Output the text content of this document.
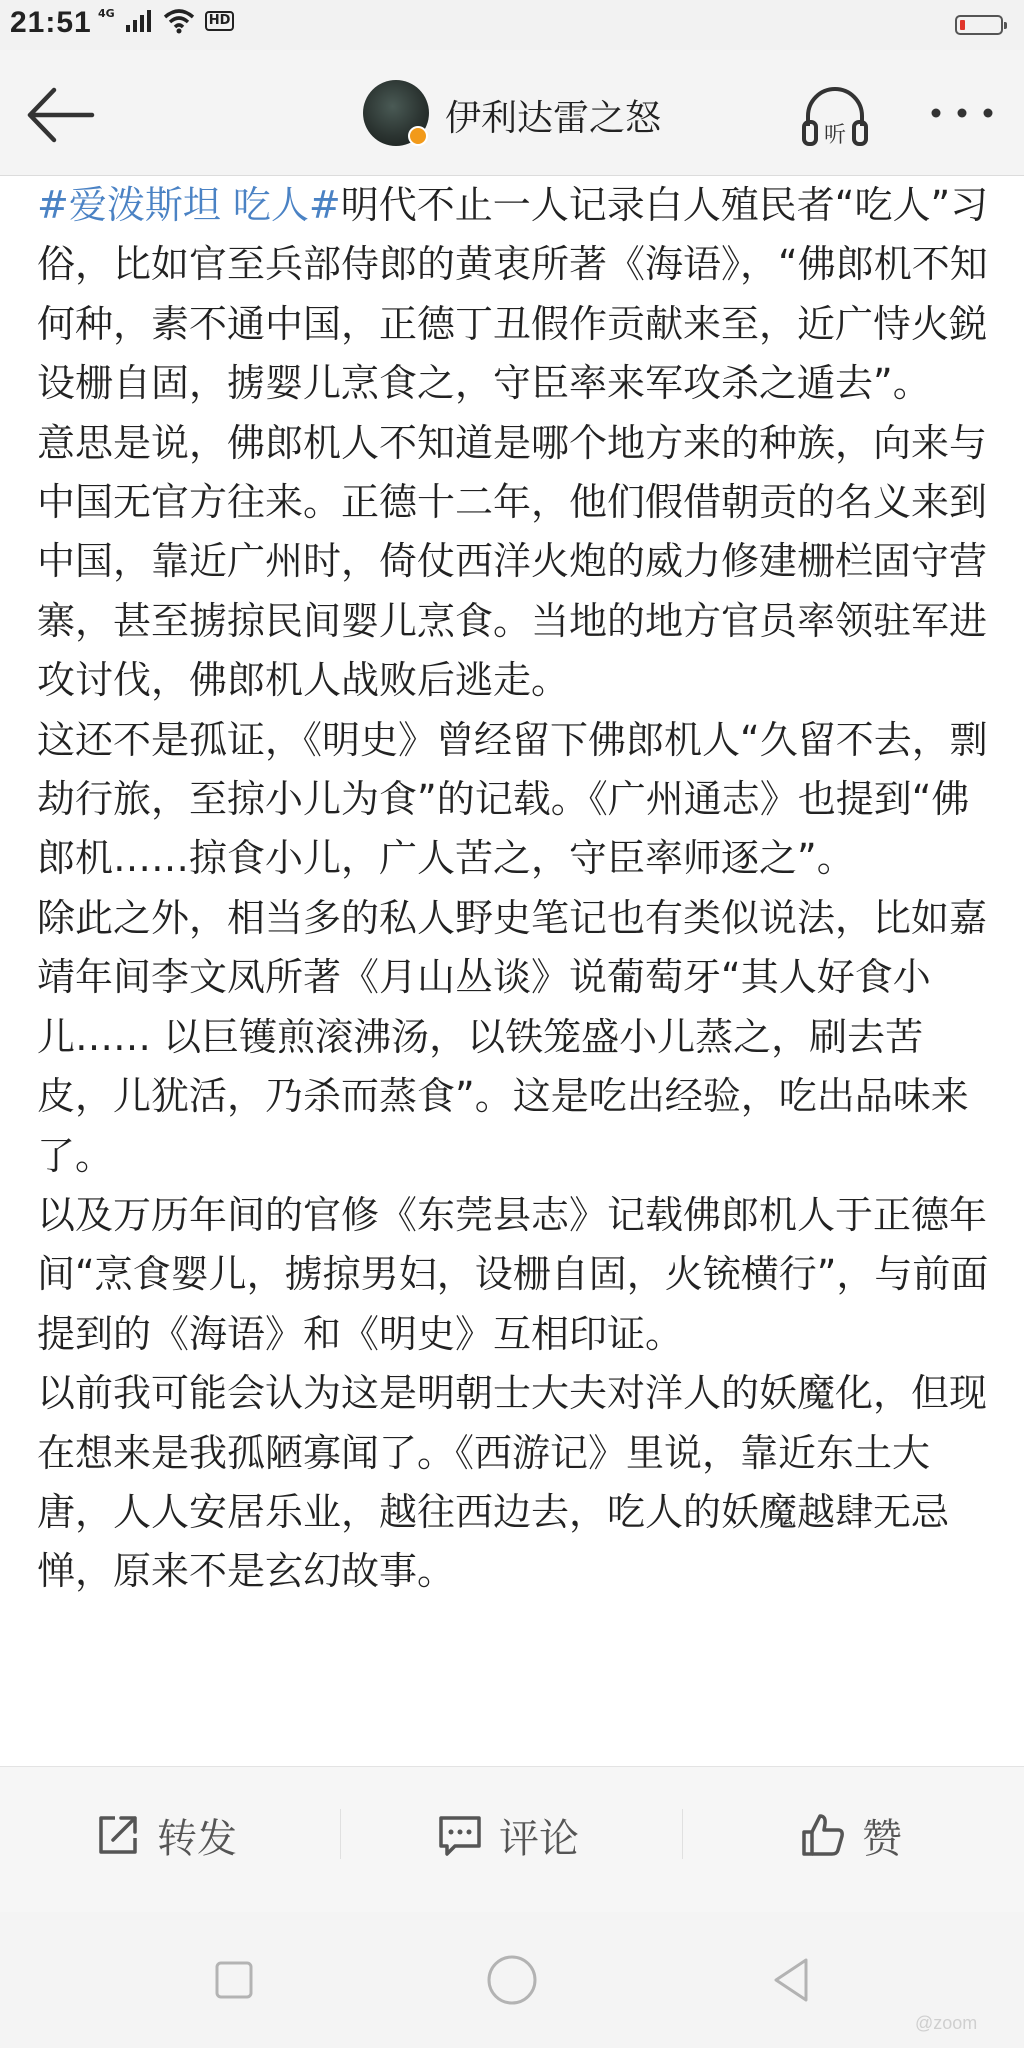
21:51 4G	HD
伊利达雷之怒	听

#爱泼斯坦 吃人#明代不止一人记录白人殖民者“吃人”习俗，比如官至兵部侍郎的黄衷所著《海语》，“佛郎机不知何种，素不通中国，正德丁丑假作贡献来至，近广恃火鋭设栅自固，掳婴儿烹食之，守臣率来军攻杀之遁去”。

意思是说，佛郎机人不知道是哪个地方来的种族，向来与中国无官方往来。正德十二年，他们假借朝贡的名义来到中国，靠近广州时，倚仗西洋火炮的威力修建栅栏固守营寨，甚至掳掠民间婴儿烹食。当地的地方官员率领驻军进攻讨伐，佛郎机人战败后逃走。

这还不是孤证，《明史》曾经留下佛郎机人“久留不去，剽劫行旅，至掠小儿为食”的记载。《广州通志》也提到“佛郎机……掠食小儿，广人苦之，守臣率师逐之”。

除此之外，相当多的私人野史笔记也有类似说法，比如嘉靖年间李文凤所著《月山丛谈》说葡萄牙“其人好食小儿…… 以巨镬煎滚沸汤，以铁笼盛小儿蒸之，刷去苦皮，儿犹活，乃杀而蒸食”。这是吃出经验，吃出品味来了。

以及万历年间的官修《东莞县志》记载佛郎机人于正德年间“烹食婴儿，掳掠男妇，设栅自固，火铳横行”，与前面提到的《海语》和《明史》互相印证。

以前我可能会认为这是明朝士大夫对洋人的妖魔化，但现在想来是我孤陋寡闻了。《西游记》里说，靠近东土大唐，人人安居乐业，越往西边去，吃人的妖魔越肆无忌惮，原来不是玄幻故事。

转发	评论	赞
@zoom
